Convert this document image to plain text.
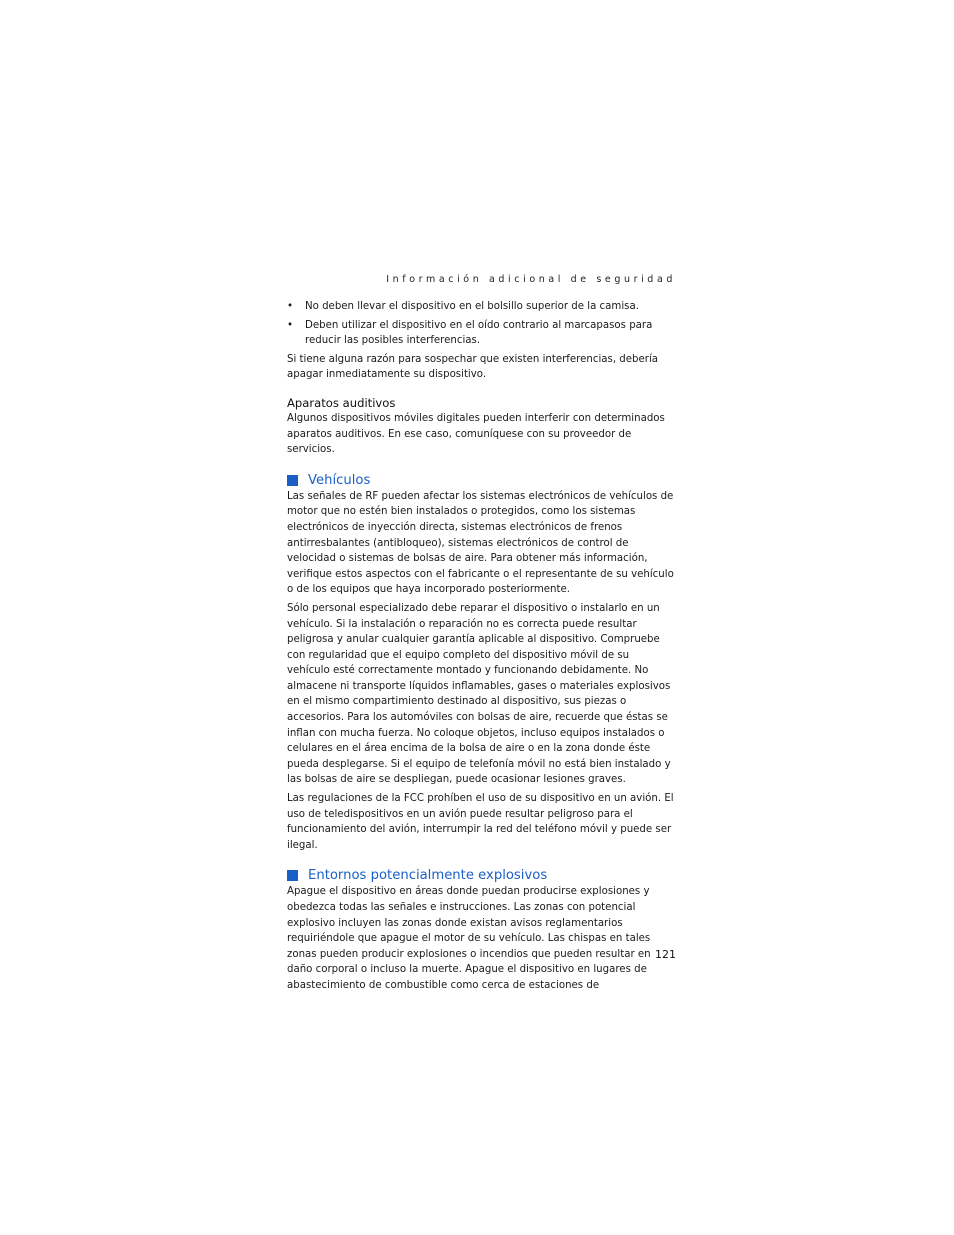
Información adicional de seguridad
• No deben llevar el dispositivo en el bolsillo superior de la camisa.
• Deben utilizar el dispositivo en el oído contrario al marcapasos para reducir las posibles interferencias.

Si tiene alguna razón para sospechar que existen interferencias, debería apagar inmediatamente su dispositivo.

Aparatos auditivos

Algunos dispositivos móviles digitales pueden interferir con determinados aparatos auditivos. En ese caso, comuníquese con su proveedor de servicios.

Vehículos

Las señales de RF pueden afectar los sistemas electrónicos de vehículos de motor que no estén bien instalados o protegidos, como los sistemas electrónicos de inyección directa, sistemas electrónicos de frenos antirresbalantes (antibloqueo), sistemas electrónicos de control de velocidad o sistemas de bolsas de aire. Para obtener más información, verifique estos aspectos con el fabricante o el representante de su vehículo o de los equipos que haya incorporado posteriormente.

Sólo personal especializado debe reparar el dispositivo o instalarlo en un vehículo. Si la instalación o reparación no es correcta puede resultar peligrosa y anular cualquier garantía aplicable al dispositivo. Compruebe con regularidad que el equipo completo del dispositivo móvil de su vehículo esté correctamente montado y funcionando debidamente. No almacene ni transporte líquidos inflamables, gases o materiales explosivos en el mismo compartimiento destinado al dispositivo, sus piezas o accesorios. Para los automóviles con bolsas de aire, recuerde que éstas se inflan con mucha fuerza. No coloque objetos, incluso equipos instalados o celulares en el área encima de la bolsa de aire o en la zona donde éste pueda desplegarse. Si el equipo de telefonía móvil no está bien instalado y las bolsas de aire se despliegan, puede ocasionar lesiones graves.

Las regulaciones de la FCC prohíben el uso de su dispositivo en un avión. El uso de teledispositivos en un avión puede resultar peligroso para el funcionamiento del avión, interrumpir la red del teléfono móvil y puede ser ilegal.

Entornos potencialmente explosivos

Apague el dispositivo en áreas donde puedan producirse explosiones y obedezca todas las señales e instrucciones. Las zonas con potencial explosivo incluyen las zonas donde existan avisos reglamentarios requiriéndole que apague el motor de su vehículo. Las chispas en tales zonas pueden producir explosiones o incendios que pueden resultar en daño corporal o incluso la muerte. Apague el dispositivo en lugares de abastecimiento de combustible como cerca de estaciones de

121
